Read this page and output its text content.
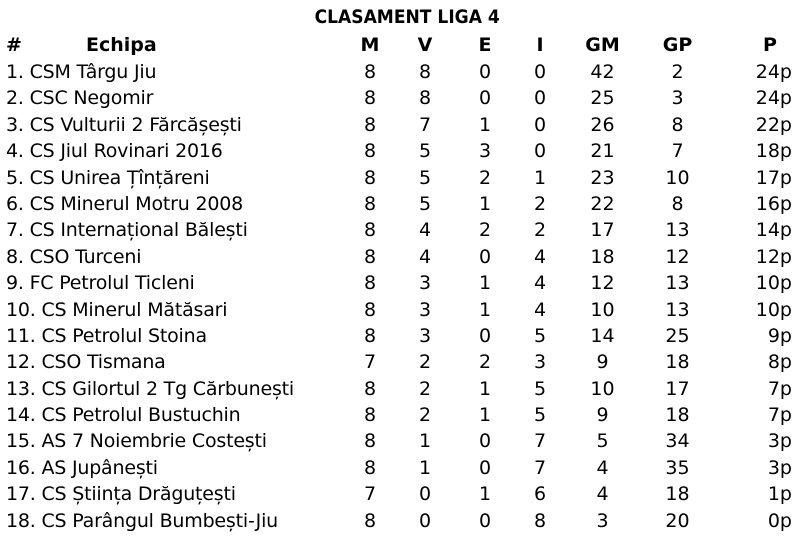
CLASAMENT LIGA 4
#	Echipa	M	V	E	I	GM	GP	P
1. CSM Târgu Jiu	8	8	0	0	42	2	24p
2. CSC Negomir	8	8	0	0	25	3	24p
3. CS Vulturii 2 Fărcășești	8	7	1	0	26	8	22p
4. CS Jiul Rovinari 2016	8	5	3	0	21	7	18p
5. CS Unirea Țînțăreni	8	5	2	1	23	10	17p
6. CS Minerul Motru 2008	8	5	1	2	22	8	16p
7. CS Internațional Bălești	8	4	2	2	17	13	14p
8. CSO Turceni	8	4	0	4	18	12	12p
9. FC Petrolul Ticleni	8	3	1	4	12	13	10p
10. CS Minerul Mătăsari	8	3	1	4	10	13	10p
11. CS Petrolul Stoina	8	3	0	5	14	25	9p
12. CSO Tismana	7	2	2	3	9	18	8p
13. CS Gilortul 2 Tg Cărbunești	8	2	1	5	10	17	7p
14. CS Petrolul Bustuchin	8	2	1	5	9	18	7p
15. AS 7 Noiembrie Costești	8	1	0	7	5	34	3p
16. AS Jupânești	8	1	0	7	4	35	3p
17. CS Știința Drăguțești	7	0	1	6	4	18	1p
18. CS Parângul Bumbești-Jiu	8	0	0	8	3	20	0p
